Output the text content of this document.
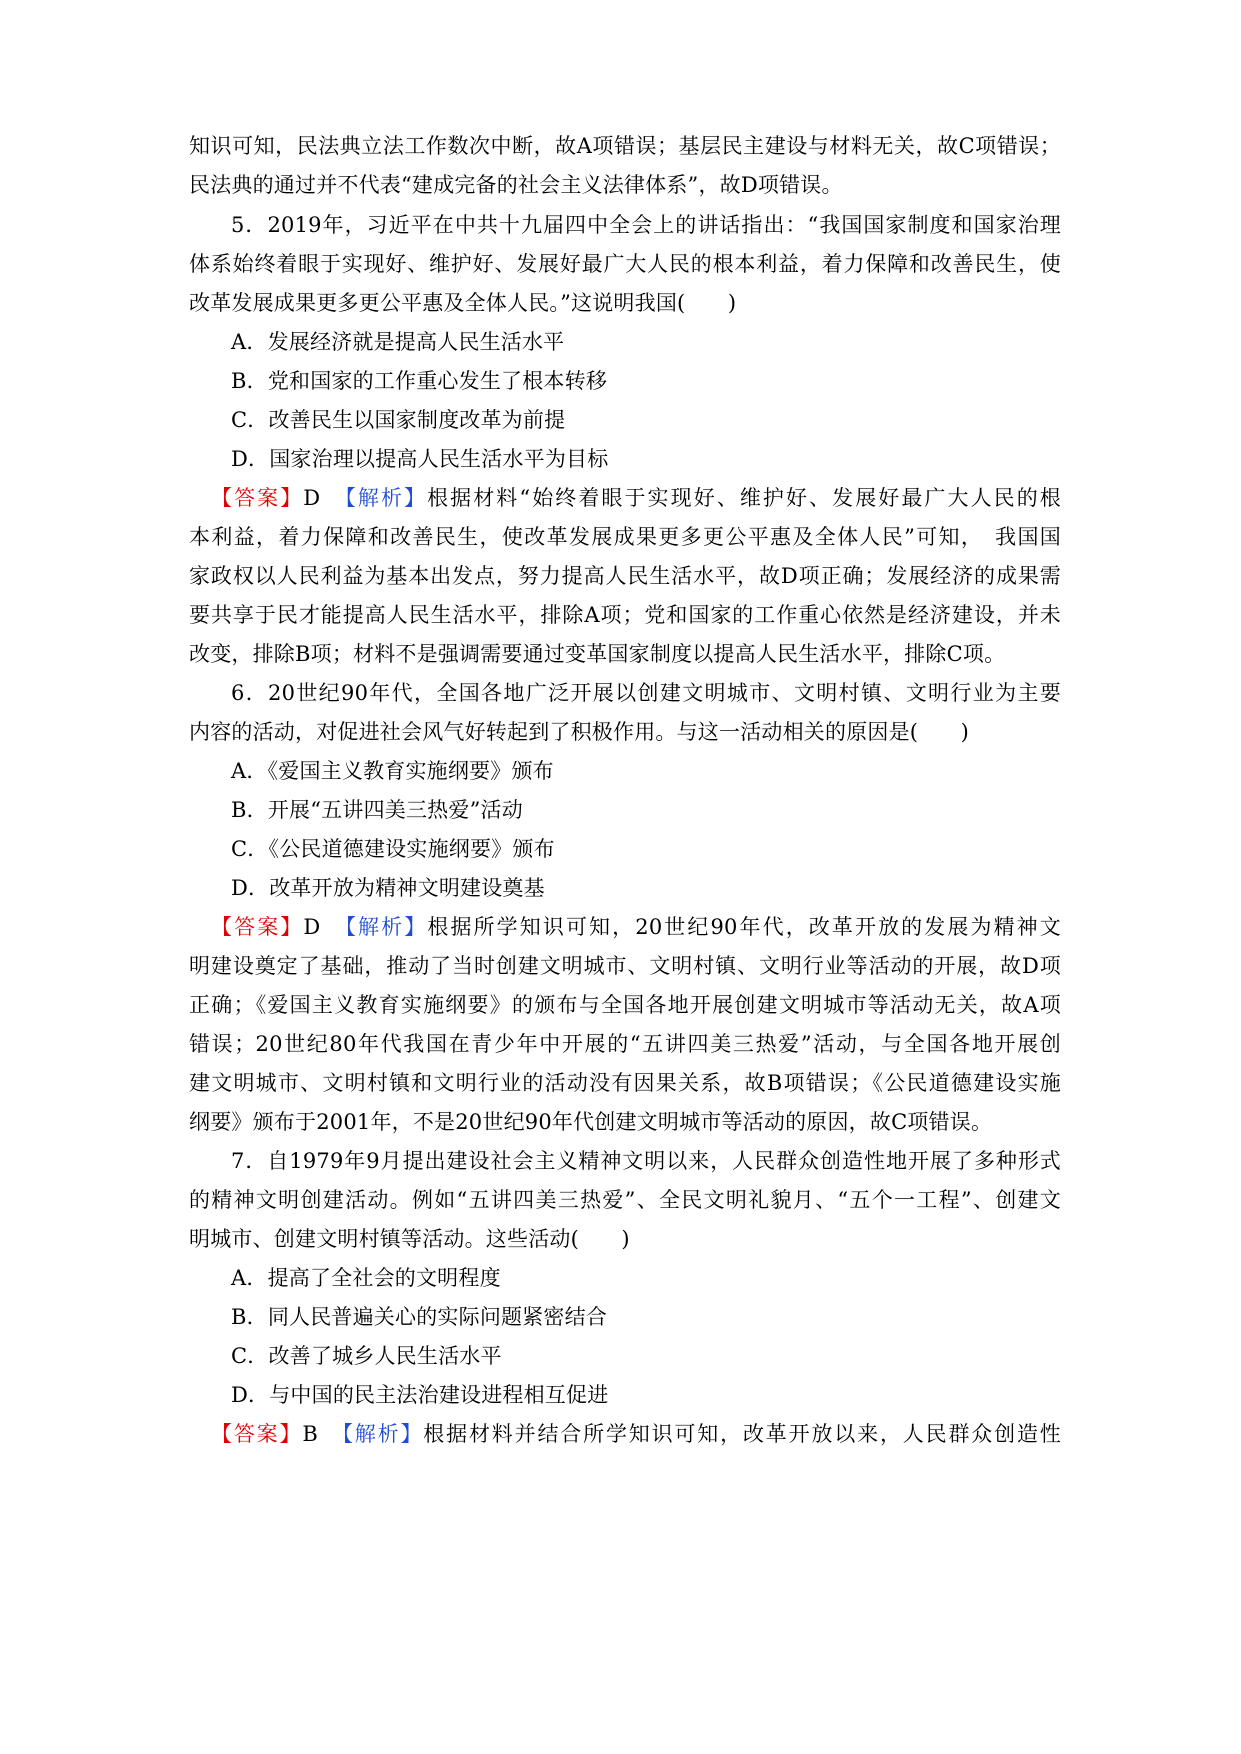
知识可知，民法典立法工作数次中断，故A项错误；基层民主建设与材料无关，故C项错误；
民法典的通过并不代表“建成完备的社会主义法律体系”，故D项错误。
5．2019年，习近平在中共十九届四中全会上的讲话指出：“我国国家制度和国家治理
体系始终着眼于实现好、维护好、发展好最广大人民的根本利益，着力保障和改善民生，使
改革发展成果更多更公平惠及全体人民。”这说明我国(　　)
A．发展经济就是提高人民生活水平
B．党和国家的工作重心发生了根本转移
C．改善民生以国家制度改革为前提
D．国家治理以提高人民生活水平为目标
【答案】D　 【解析】根据材料“始终着眼于实现好、维护好、发展好最广大人民的根
本利益，着力保障和改善民生，使改革发展成果更多更公平惠及全体人民”可知，　我国国
家政权以人民利益为基本出发点，努力提高人民生活水平，故D项正确；发展经济的成果需
要共享于民才能提高人民生活水平，排除A项；党和国家的工作重心依然是经济建设，并未
改变，排除B项；材料不是强调需要通过变革国家制度以提高人民生活水平，排除C项。
6．20世纪90年代，全国各地广泛开展以创建文明城市、文明村镇、文明行业为主要
内容的活动，对促进社会风气好转起到了积极作用。与这一活动相关的原因是(　　)
A．《爱国主义教育实施纲要》颁布
B．开展“五讲四美三热爱”活动
C．《公民道德建设实施纲要》颁布
D．改革开放为精神文明建设奠基
【答案】D　 【解析】根据所学知识可知，20世纪90年代，改革开放的发展为精神文
明建设奠定了基础，推动了当时创建文明城市、文明村镇、文明行业等活动的开展，故D项
正确；《爱国主义教育实施纲要》的颁布与全国各地开展创建文明城市等活动无关，故A项
错误；20世纪80年代我国在青少年中开展的“五讲四美三热爱”活动，与全国各地开展创
建文明城市、文明村镇和文明行业的活动没有因果关系，故B项错误；《公民道德建设实施
纲要》颁布于2001年，不是20世纪90年代创建文明城市等活动的原因，故C项错误。
7．自1979年9月提出建设社会主义精神文明以来，人民群众创造性地开展了多种形式
的精神文明创建活动。例如“五讲四美三热爱”、全民文明礼貌月、“五个一工程”、创建文
明城市、创建文明村镇等活动。这些活动(　　)
A．提高了全社会的文明程度
B．同人民普遍关心的实际问题紧密结合
C．改善了城乡人民生活水平
D．与中国的民主法治建设进程相互促进
【答案】B　 【解析】根据材料并结合所学知识可知，改革开放以来，人民群众创造性
